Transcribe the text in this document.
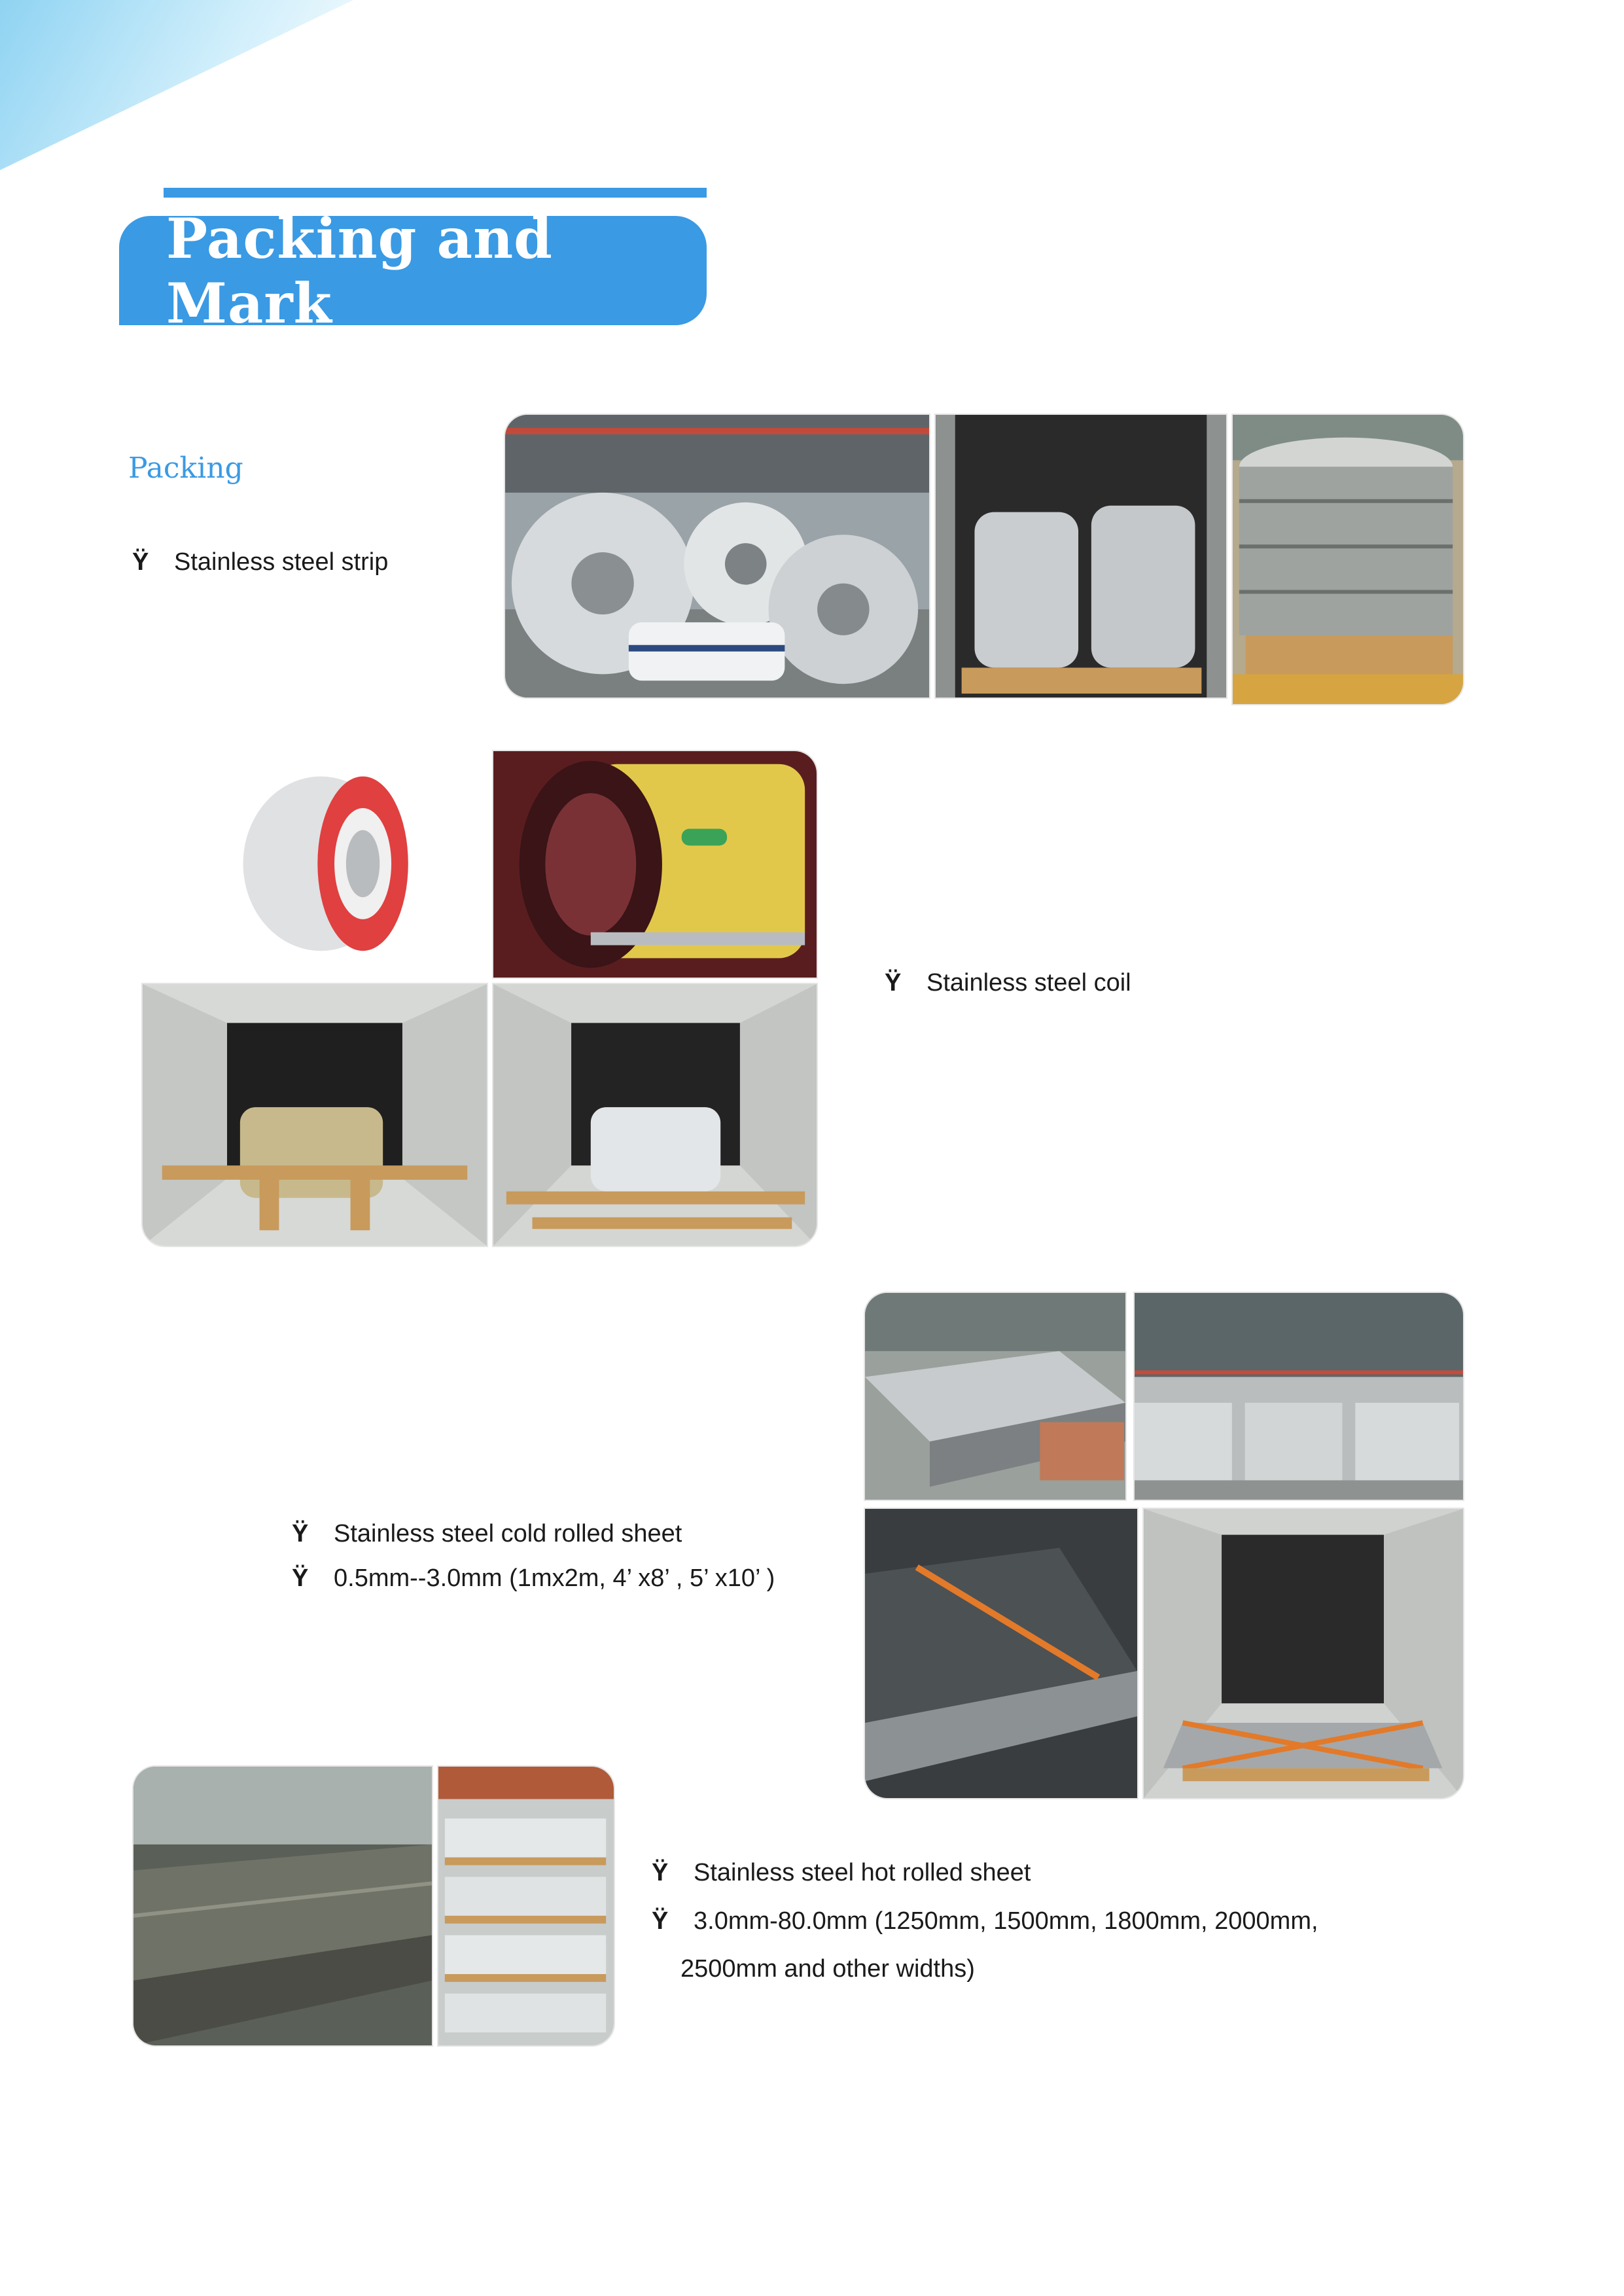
Packing and Mark
Packing
Ÿ Stainless steel strip
Ÿ Stainless steel coil
Ÿ Stainless steel cold rolled sheet
Ÿ 0.5mm--3.0mm (1mx2m, 4’ x8’ , 5’ x10’ )
Ÿ Stainless steel hot rolled sheet
Ÿ 3.0mm-80.0mm (1250mm, 1500mm, 1800mm, 2000mm,
2500mm and other widths)
